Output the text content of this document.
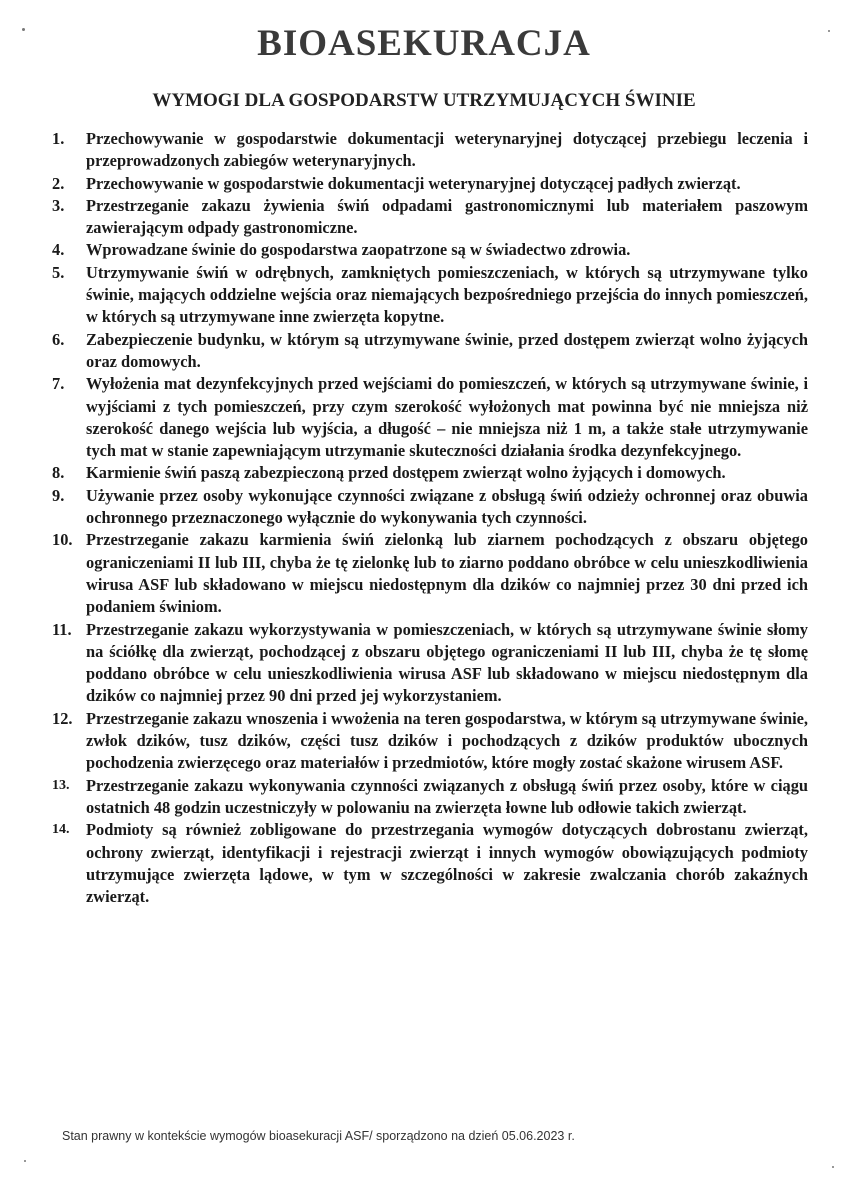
BIOASEKURACJA
WYMOGI DLA GOSPODARSTW UTRZYMUJĄCYCH ŚWINIE
1.	Przechowywanie w gospodarstwie dokumentacji weterynaryjnej dotyczącej przebiegu leczenia i przeprowadzonych zabiegów weterynaryjnych.
2.	Przechowywanie w gospodarstwie dokumentacji weterynaryjnej dotyczącej padłych zwierząt.
3.	Przestrzeganie zakazu żywienia świń odpadami gastronomicznymi lub materiałem paszowym zawierającym odpady gastronomiczne.
4.	Wprowadzane świnie do gospodarstwa zaopatrzone są w świadectwo zdrowia.
5.	Utrzymywanie świń w odrębnych, zamkniętych pomieszczeniach, w których są utrzymywane tylko świnie, mających oddzielne wejścia oraz niemających bezpośredniego przejścia do innych pomieszczeń, w których są utrzymywane inne zwierzęta kopytne.
6.	Zabezpieczenie budynku, w którym są utrzymywane świnie, przed dostępem zwierząt wolno żyjących oraz domowych.
7.	Wyłożenia mat dezynfekcyjnych przed wejściami do pomieszczeń, w których są utrzymywane świnie, i wyjściami z tych pomieszczeń, przy czym szerokość wyłożonych mat powinna być nie mniejsza niż szerokość danego wejścia lub wyjścia, a długość – nie mniejsza niż 1 m, a także stałe utrzymywanie tych mat w stanie zapewniającym utrzymanie skuteczności działania środka dezynfekcyjnego.
8.	Karmienie świń paszą zabezpieczoną przed dostępem zwierząt wolno żyjących i domowych.
9.	Używanie przez osoby wykonujące czynności związane z obsługą świń odzieży ochronnej oraz obuwia ochronnego przeznaczonego wyłącznie do wykonywania tych czynności.
10. Przestrzeganie zakazu karmienia świń zielonką lub ziarnem pochodzących z obszaru objętego ograniczeniami II lub III, chyba że tę zielonkę lub to ziarno poddano obróbce w celu unieszkodliwienia wirusa ASF lub składowano w miejscu niedostępnym dla dzików co najmniej przez 30 dni przed ich podaniem świniom.
11. Przestrzeganie zakazu wykorzystywania w pomieszczeniach, w których są utrzymywane świnie słomy na ściółkę dla zwierząt, pochodzącej z obszaru objętego ograniczeniami II lub III, chyba że tę słomę poddano obróbce w celu unieszkodliwienia wirusa ASF lub składowano w miejscu niedostępnym dla dzików co najmniej przez 90 dni przed jej wykorzystaniem.
12. Przestrzeganie zakazu wnoszenia i wwożenia na teren gospodarstwa, w którym są utrzymywane świnie, zwłok dzików, tusz dzików, części tusz dzików i pochodzących z dzików produktów ubocznych pochodzenia zwierzęcego oraz materiałów i przedmiotów, które mogły zostać skażone wirusem ASF.
13.	Przestrzeganie zakazu wykonywania czynności związanych z obsługą świń przez osoby, które w ciągu ostatnich 48 godzin uczestniczyły w polowaniu na zwierzęta łowne lub odłowie takich zwierząt.
14.	Podmioty są również zobligowane do przestrzegania wymogów dotyczących dobrostanu zwierząt, ochrony zwierząt, identyfikacji i rejestracji zwierząt i innych wymogów obowiązujących podmioty utrzymujące zwierzęta lądowe, w tym w szczególności w zakresie zwalczania chorób zakaźnych zwierząt.
Stan prawny w kontekście wymogów bioasekuracji ASF/ sporządzono na dzień 05.06.2023 r.
